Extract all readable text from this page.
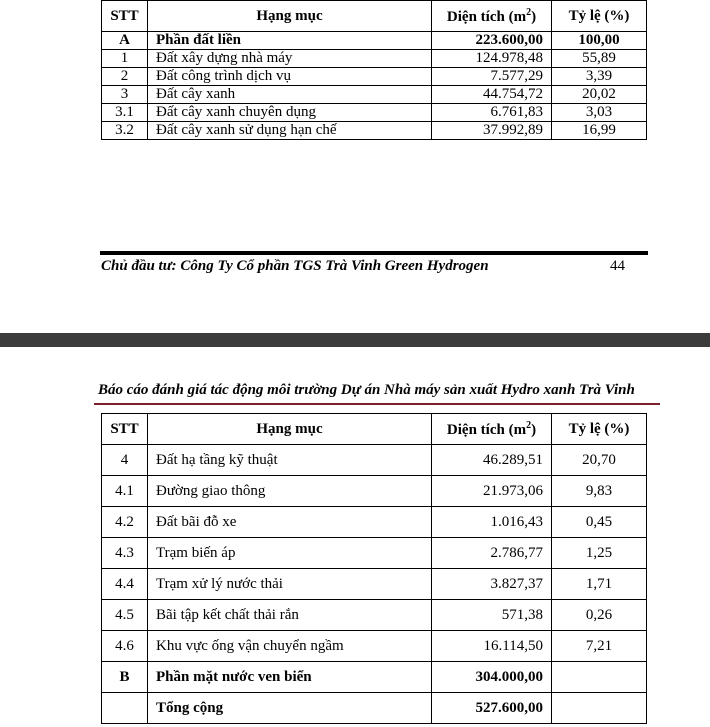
STT	Hạng mục	Diện tích $(m^2)$	Tỷ lệ (%)
A	Phần đất liền	223.600,00	100,00
1	Đất xây dựng nhà máy	124.978,48	55,89
2	Đất công trình dịch vụ	7.577,29	3,39
3	Đất cây xanh	44.754,72	20,02
3.1	Đất cây xanh chuyên dụng	6.761,83	3,03
3.2	Đất cây xanh sử dụng hạn chế	37.992,89	16,99
Chủ đầu tư: Công Ty Cổ phần TGS Trà Vinh Green Hydrogen	44
Báo cáo đánh giá tác động môi trường Dự án Nhà máy sản xuất Hydro xanh Trà Vinh
STT	Hạng mục	Diện tích $(m^2)$	Tỷ lệ (%)
4	Đất hạ tầng kỹ thuật	46.289,51	20,70
4.1	Đường giao thông	21.973,06	9,83
4.2	Đất bãi đỗ xe	1.016,43	0,45
4.3	Trạm biến áp	2.786,77	1,25
4.4	Trạm xử lý nước thải	3.827,37	1,71
4.5	Bãi tập kết chất thải rắn	571,38	0,26
4.6	Khu vực ống vận chuyển ngầm	16.114,50	7,21
B	Phần mặt nước ven biển	304.000,00	
	Tổng cộng	527.600,00	
